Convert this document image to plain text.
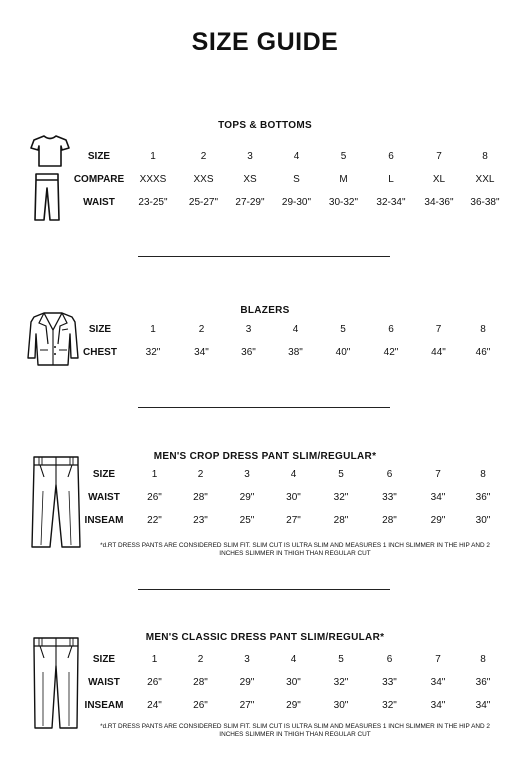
SIZE GUIDE
TOPS & BOTTOMS
SIZE	1	2	3	4	5	6	7	8
COMPARE	XXXS	XXS	XS	S	M	L	XL	XXL
WAIST	23-25"	25-27"	27-29"	29-30"	30-32"	32-34"	34-36"	36-38"
BLAZERS
SIZE	1	2	3	4	5	6	7	8
CHEST	32"	34"	36"	38"	40"	42"	44"	46"
MEN'S CROP DRESS PANT SLIM/REGULAR*
SIZE	1	2	3	4	5	6	7	8
WAIST	26"	28"	29"	30"	32"	33"	34"	36"
INSEAM	22"	23"	25"	27"	28"	28"	29"	30"
*d.RT DRESS PANTS ARE CONSIDERED SLIM FIT. SLIM CUT IS ULTRA SLIM AND MEASURES 1 INCH SLIMMER IN THE HIP AND 2 INCHES SLIMMER IN THIGH THAN REGULAR CUT
MEN'S CLASSIC DRESS PANT SLIM/REGULAR*
SIZE	1	2	3	4	5	6	7	8
WAIST	26"	28"	29"	30"	32"	33"	34"	36"
INSEAM	24"	26"	27"	29"	30"	32"	34"	34"
*d.RT DRESS PANTS ARE CONSIDERED SLIM FIT. SLIM CUT IS ULTRA SLIM AND MEASURES 1 INCH SLIMMER IN THE HIP AND 2 INCHES SLIMMER IN THIGH THAN REGULAR CUT
